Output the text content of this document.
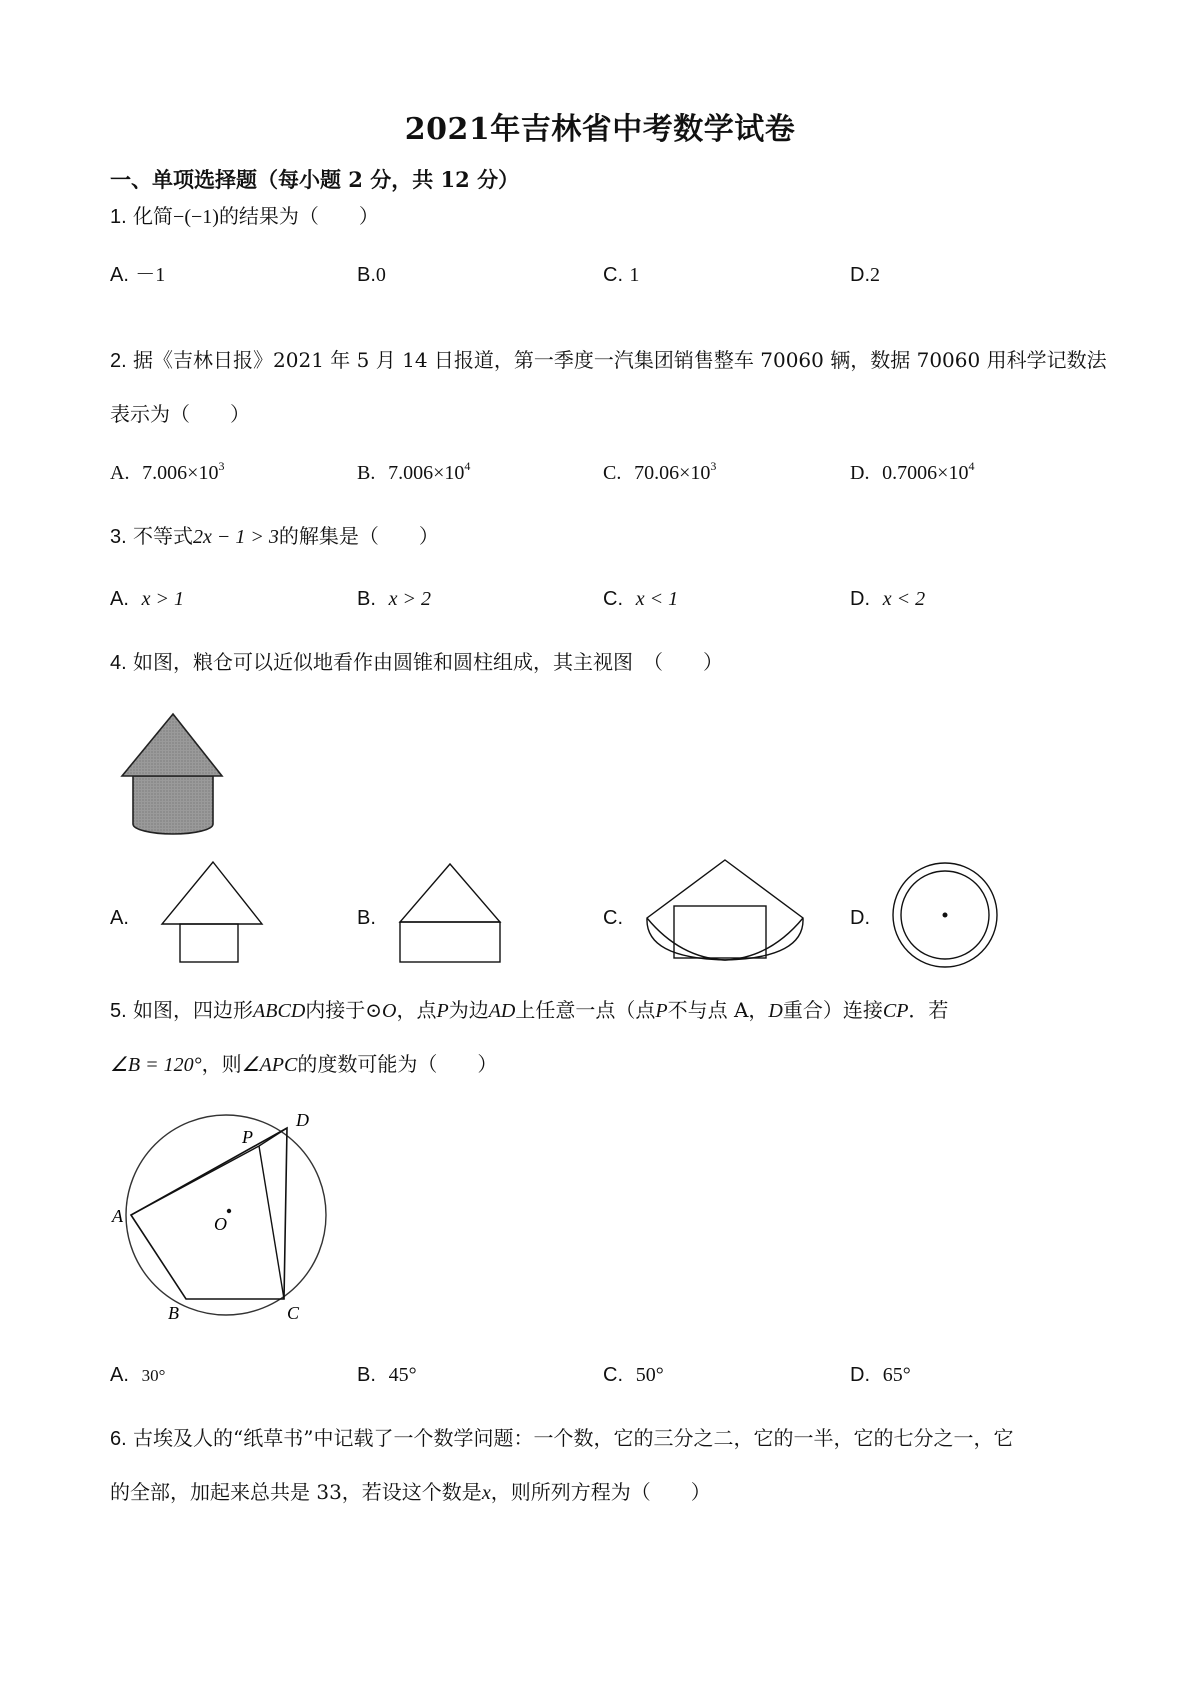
2021年吉林省中考数学试卷
一、单项选择题（每小题 2 分，共 12 分）
1. 化简−(−1)的结果为（　　）
A. －1	B.0	C. 1	D.2
2. 据《吉林日报》2021 年 5 月 14 日报道，第一季度一汽集团销售整车 70060 辆，数据 70060 用科学记数法
表示为（　　）
A. $7.006\times 10^3$	B. $7.006\times 10^4$	C. $70.06\times 10^3$	D. $0.7006\times 10^4$
3. 不等式2x − 1 > 3的解集是（　　）
A. x > 1	B. x > 2	C. x < 1	D. x < 2
4. 如图，粮仓可以近似地看作由圆锥和圆柱组成，其主视图　（　　）
A.	B.	C.	D.
5. 如图，四边形ABCD内接于⊙O，点P为边AD上任意一点（点P不与点 A，D重合）连接CP．若
∠B = 120°，则∠APC的度数可能为（　　）
A
B	C
D
P
O
A. 30°	B. 45°	C. 50°	D. 65°
6. 古埃及人的“纸草书”中记载了一个数学问题：一个数，它的三分之二，它的一半，它的七分之一，它
的全部，加起来总共是 33，若设这个数是x，则所列方程为（　　）
